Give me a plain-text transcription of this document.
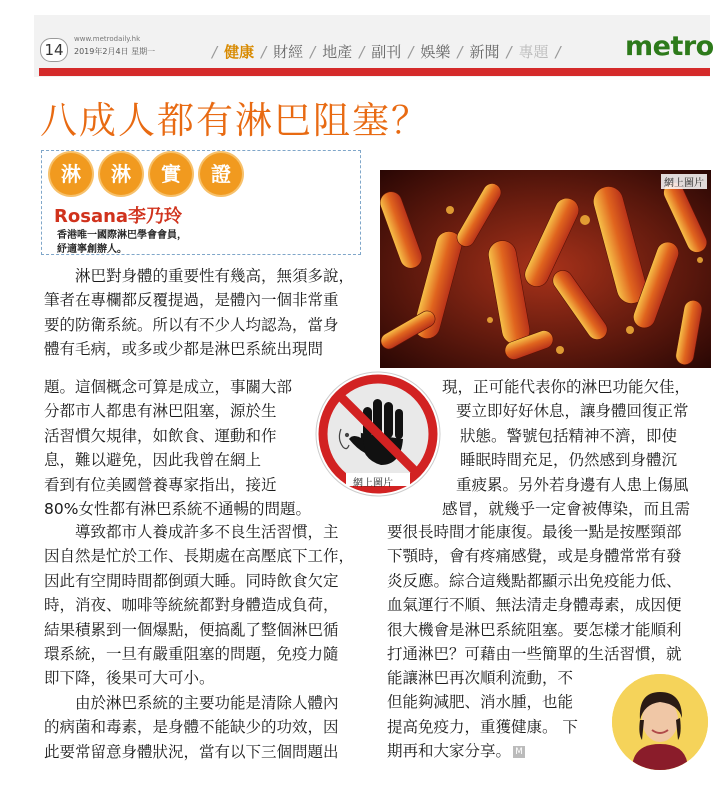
14
www.metrodaily.hk
2019年2月4日 星期一	/ 健康 / 財經 / 地產 / 副刊 / 娛樂 / 新聞 / 專題 / metro
八成人都有淋巴阻塞？
淋	淋	實	證
Rosana李乃玲
香港唯一國際淋巴學會會員，
紓適寧創辦人。
網上圖片

淋巴對身體的重要性有幾高，無須多說，

筆者在專欄都反覆提過，是體內一個非常重

要的防衛系統。所以有不少人均認為，當身

體有毛病，或多或少都是淋巴系統出現問

題。這個概念可算是成立，事關大部

分都市人都患有淋巴阻塞，源於生

活習慣欠規律，如飲食、運動和作

息，難以避免，因此我曾在網上

看到有位美國營養專家指出，接近

80%女性都有淋巴系統不通暢的問題。

導致都市人養成許多不良生活習慣，主

因自然是忙於工作、長期處在高壓底下工作，

因此有空閒時間都倒頭大睡。同時飲食欠定

時，消夜、咖啡等統統都對身體造成負荷，

結果積累到一個爆點，便搞亂了整個淋巴循

環系統，一旦有嚴重阻塞的問題，免疫力隨

即下降，後果可大可小。

由於淋巴系統的主要功能是清除人體內

的病菌和毒素，是身體不能缺少的功效，因

此要常留意身體狀況，當有以下三個問題出

現，正可能代表你的淋巴功能欠佳，

要立即好好休息，讓身體回復正常

狀態。警號包括精神不濟，即使

睡眠時間充足，仍然感到身體沉

重疲累。另外若身邊有人患上傷風

感冒，就幾乎一定會被傳染，而且需

要很長時間才能康復。最後一點是按壓頸部

下顎時，會有疼痛感覺，或是身體常常有發

炎反應。綜合這幾點都顯示出免疫能力低、

血氣運行不順、無法清走身體毒素，成因便

很大機會是淋巴系統阻塞。要怎樣才能順利

打通淋巴？可藉由一些簡單的生活習慣，就

能讓淋巴再次順利流動，不

但能夠減肥、消水腫，也能

提高免疫力，重獲健康。 下

期再和大家分享。 M

網上圖片
